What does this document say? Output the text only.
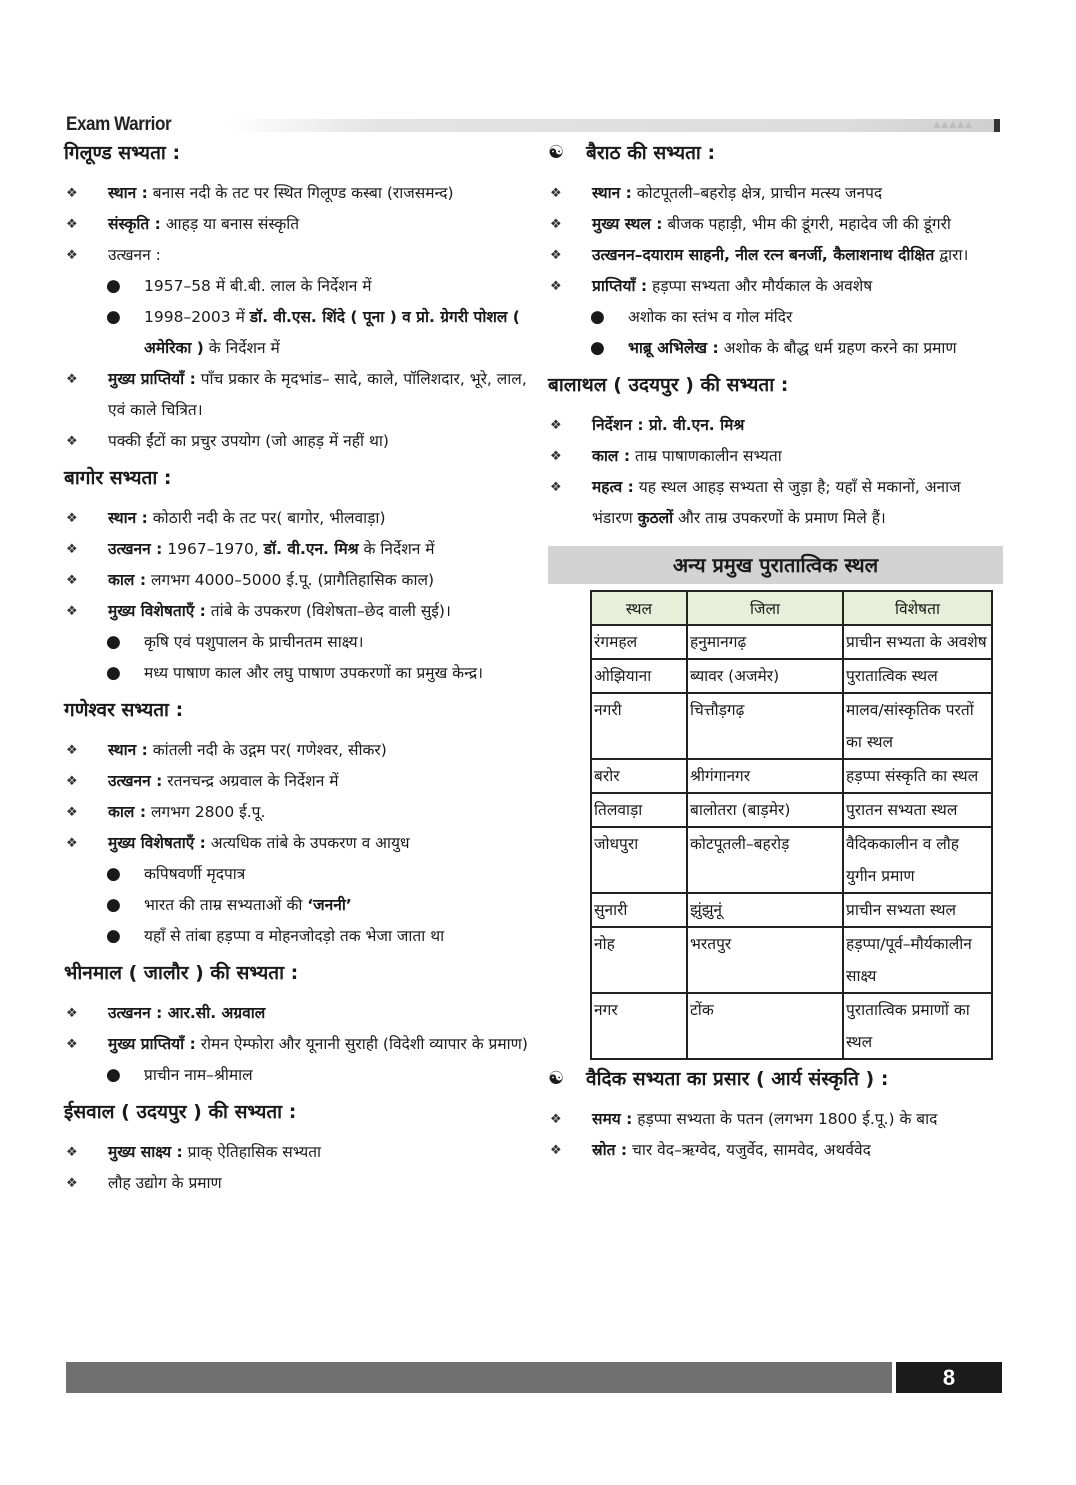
Exam Warrior	▲▲▲▲▲
गिलूण्ड सभ्यता :
❖	स्थान : बनास नदी के तट पर स्थित गिलूण्ड कस्बा (राजसमन्द)
❖	संस्कृति : आहड़ या बनास संस्कृति
❖	उत्खनन :
●	1957–58 में बी.बी. लाल के निर्देशन में
●	1998–2003 में डॉ. वी.एस. शिंदे ( पूना ) व प्रो. ग्रेगरी पोशल ( अमेरिका ) के निर्देशन में
❖	मुख्य प्राप्तियाँ : पाँच प्रकार के मृदभांड– सादे, काले, पॉलिशदार, भूरे, लाल, एवं काले चित्रित।
❖	पक्की ईंटों का प्रचुर उपयोग (जो आहड़ में नहीं था)
बागोर सभ्यता :
❖	स्थान : कोठारी नदी के तट पर( बागोर, भीलवाड़ा)
❖	उत्खनन : 1967–1970, डॉ. वी.एन. मिश्र के निर्देशन में
❖	काल : लगभग 4000–5000 ई.पू. (प्रागैतिहासिक काल)
❖	मुख्य विशेषताएँ : तांबे के उपकरण (विशेषता–छेद वाली सुई)।
●	कृषि एवं पशुपालन के प्राचीनतम साक्ष्य।
●	मध्य पाषाण काल और लघु पाषाण उपकरणों का प्रमुख केन्द्र।
गणेश्वर सभ्यता :
❖	स्थान : कांतली नदी के उद्गम पर( गणेश्वर, सीकर)
❖	उत्खनन : रतनचन्द्र अग्रवाल के निर्देशन में
❖	काल : लगभग 2800 ई.पू.
❖	मुख्य विशेषताएँ : अत्यधिक तांबे के उपकरण व आयुध
●	कपिषवर्णी मृदपात्र
●	भारत की ताम्र सभ्यताओं की ‘जननी’
●	यहाँ से तांबा हड़प्पा व मोहनजोदड़ो तक भेजा जाता था
भीनमाल ( जालौर ) की सभ्यता :
❖	उत्खनन : आर.सी. अग्रवाल
❖	मुख्य प्राप्तियाँ : रोमन ऐम्फोरा और यूनानी सुराही (विदेशी व्यापार के प्रमाण)
●	प्राचीन नाम–श्रीमाल
ईसवाल ( उदयपुर ) की सभ्यता :
❖	मुख्य साक्ष्य : प्राक् ऐतिहासिक सभ्यता
❖	लौह उद्योग के प्रमाण
☯	बैराठ की सभ्यता :
❖	स्थान : कोटपूतली–बहरोड़ क्षेत्र, प्राचीन मत्स्य जनपद
❖	मुख्य स्थल : बीजक पहाड़ी, भीम की डूंगरी, महादेव जी की डूंगरी
❖	उत्खनन–दयाराम साहनी, नील रत्न बनर्जी, कैलाशनाथ दीक्षित द्वारा।
❖	प्राप्तियाँ : हड़प्पा सभ्यता और मौर्यकाल के अवशेष
●	अशोक का स्तंभ व गोल मंदिर
●	भाब्रू अभिलेख : अशोक के बौद्ध धर्म ग्रहण करने का प्रमाण
बालाथल ( उदयपुर ) की सभ्यता :
❖	निर्देशन : प्रो. वी.एन. मिश्र
❖	काल : ताम्र पाषाणकालीन सभ्यता
❖	महत्व : यह स्थल आहड़ सभ्यता से जुड़ा है; यहाँ से मकानों, अनाज भंडारण कुठलों और ताम्र उपकरणों के प्रमाण मिले हैं।
अन्य प्रमुख पुरातात्विक स्थल
स्थल	जिला	विशेषता
रंगमहल	हनुमानगढ़	प्राचीन सभ्यता के अवशेष
ओझियाना	ब्यावर (अजमेर)	पुरातात्विक स्थल
नगरी	चित्तौड़गढ़	मालव/सांस्कृतिक परतों का स्थल
बरोर	श्रीगंगानगर	हड़प्पा संस्कृति का स्थल
तिलवाड़ा	बालोतरा (बाड़मेर)	पुरातन सभ्यता स्थल
जोधपुरा	कोटपूतली–बहरोड़	वैदिककालीन व लौह युगीन प्रमाण
सुनारी	झुंझुनूं	प्राचीन सभ्यता स्थल
नोह	भरतपुर	हड़प्पा/पूर्व–मौर्यकालीन साक्ष्य
नगर	टोंक	पुरातात्विक प्रमाणों का स्थल
☯	वैदिक सभ्यता का प्रसार ( आर्य संस्कृति ) :
❖	समय : हड़प्पा सभ्यता के पतन (लगभग 1800 ई.पू.) के बाद
❖	स्रोत : चार वेद–ऋग्वेद, यजुर्वेद, सामवेद, अथर्ववेद
8
